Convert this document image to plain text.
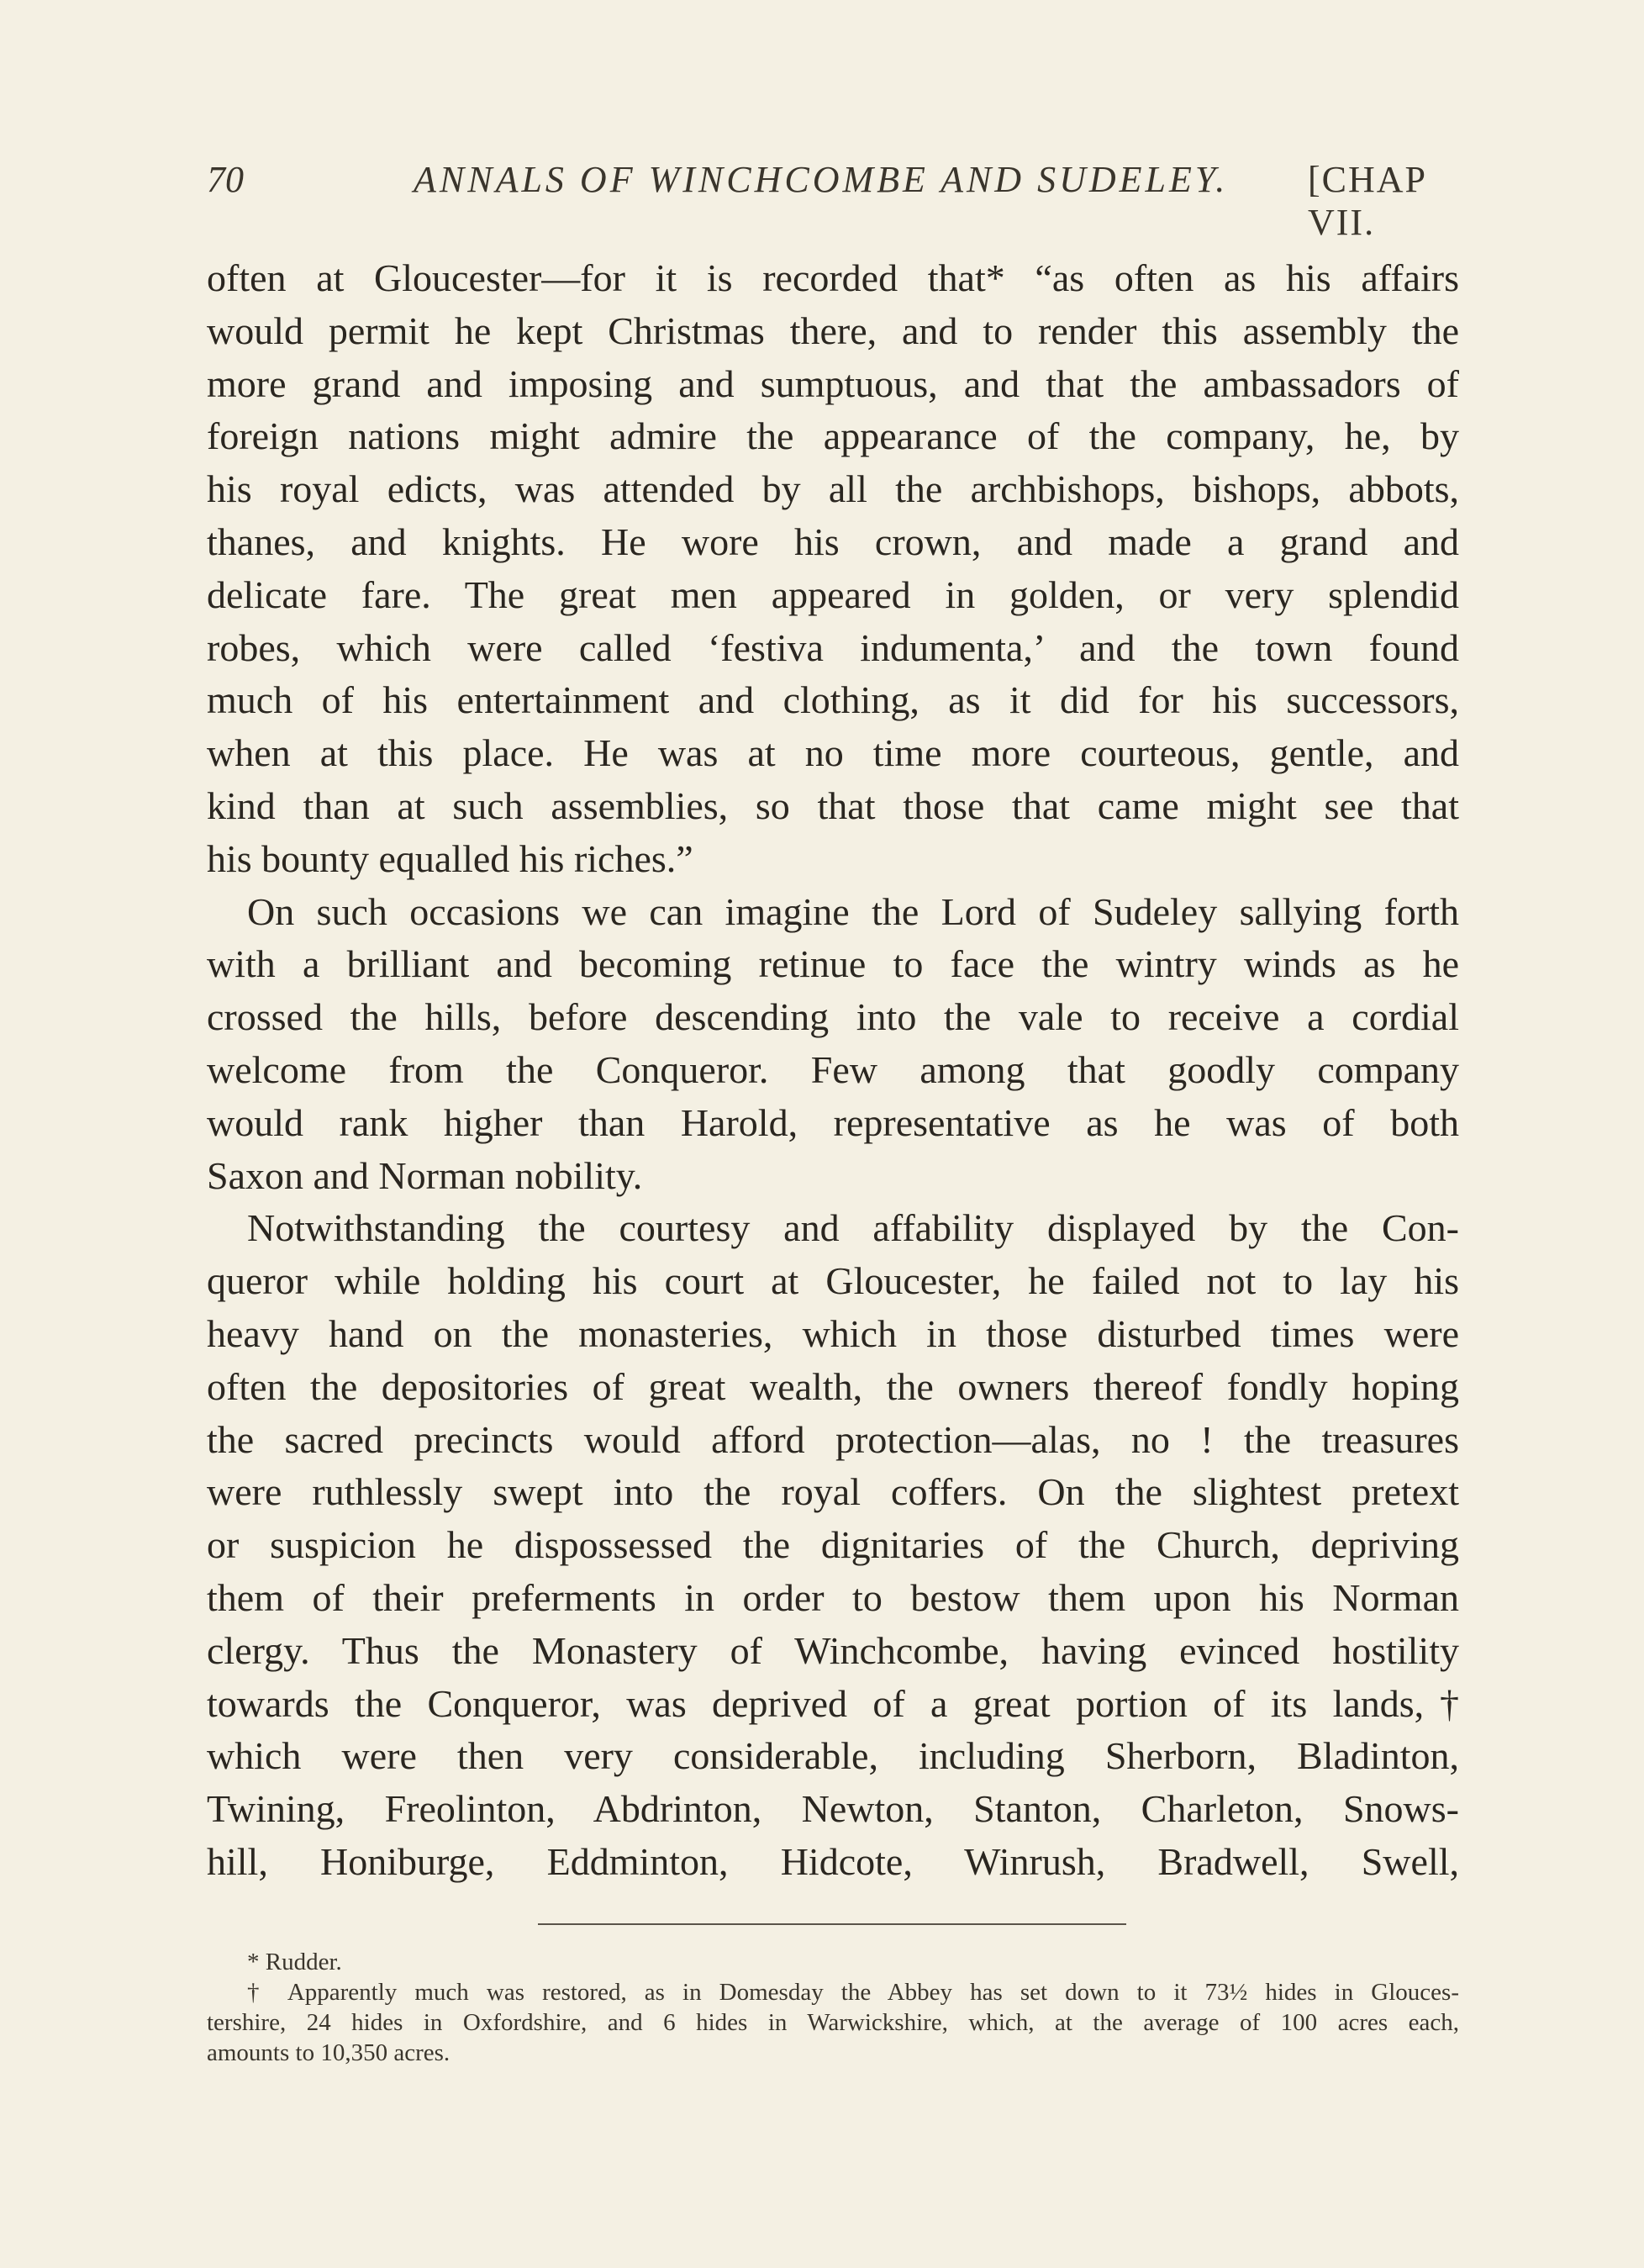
70	ANNALS OF WINCHCOMBE AND SUDELEY. [CHAP VII.
often at Gloucester—for it is recorded that* “as often as his affairs
would permit he kept Christmas there, and to render this assembly the
more grand and imposing and sumptuous, and that the ambassadors of
foreign nations might admire the appearance of the company, he, by
his royal edicts, was attended by all the archbishops, bishops, abbots,
thanes, and knights. He wore his crown, and made a grand and
delicate fare. The great men appeared in golden, or very splendid
robes, which were called ‘festiva indumenta,’ and the town found
much of his entertainment and clothing, as it did for his successors,
when at this place. He was at no time more courteous, gentle, and
kind than at such assemblies, so that those that came might see that
his bounty equalled his riches.”
On such occasions we can imagine the Lord of Sudeley sallying forth
with a brilliant and becoming retinue to face the wintry winds as he
crossed the hills, before descending into the vale to receive a cordial
welcome from the Conqueror. Few among that goodly company
would rank higher than Harold, representative as he was of both
Saxon and Norman nobility.
Notwithstanding the courtesy and affability displayed by the Con-
queror while holding his court at Gloucester, he failed not to lay his
heavy hand on the monasteries, which in those disturbed times were
often the depositories of great wealth, the owners thereof fondly hoping
the sacred precincts would afford protection—alas, no ! the treasures
were ruthlessly swept into the royal coffers. On the slightest pretext
or suspicion he dispossessed the dignitaries of the Church, depriving
them of their preferments in order to bestow them upon his Norman
clergy. Thus the Monastery of Winchcombe, having evinced hostility
towards the Conqueror, was deprived of a great portion of its lands,†
which were then very considerable, including Sherborn, Bladinton,
Twining, Freolinton, Abdrinton, Newton, Stanton, Charleton, Snows-
hill, Honiburge, Eddminton, Hidcote, Winrush, Bradwell, Swell,
* Rudder.
† Apparently much was restored, as in Domesday the Abbey has set down to it 73½ hides in Glouces-
tershire, 24 hides in Oxfordshire, and 6 hides in Warwickshire, which, at the average of 100 acres each,
amounts to 10,350 acres.
